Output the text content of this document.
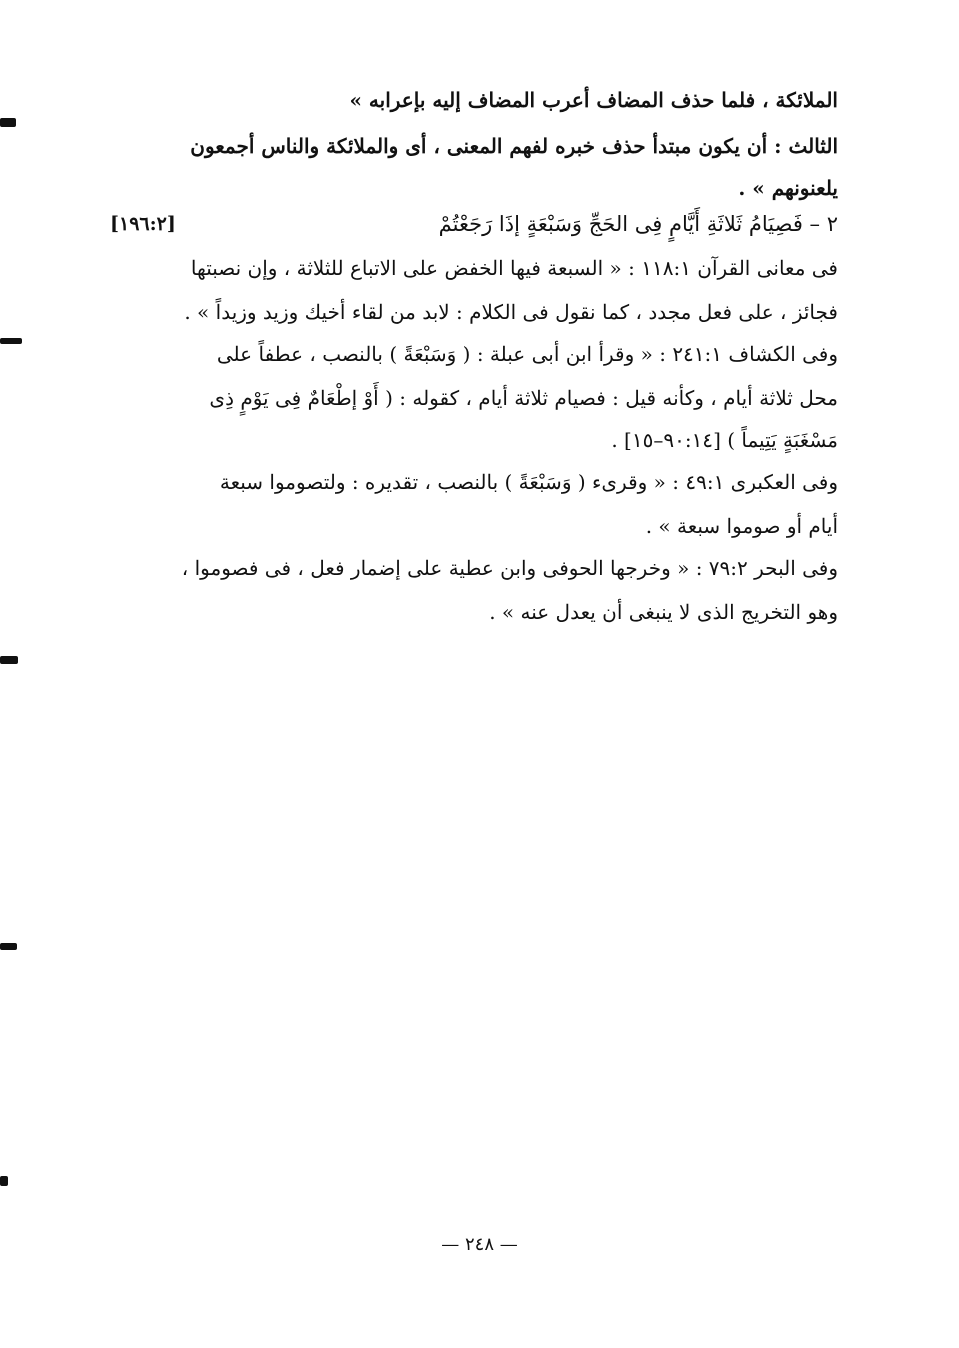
الملائكة ، فلما حذف المضاف أعرب المضاف إليه بإعرابه »
الثالث : أن يكون مبتدأ حذف خبره لفهم المعنى ، أى والملائكة والناس أجمعون
يلعنونهم » .
٢ – فَصِيَامُ ثَلاثَةِ أَيَّامٍ فِى الحَجِّ وَسَبْعَةٍ إذَا رَجَعْتُمْ
[١٩٦:٢]
فى معانى القرآن ١١٨:١ : « السبعة فيها الخفض على الاتباع للثلاثة ، وإن نصبتها
فجائز ، على فعل مجدد ، كما نقول فى الكلام : لابد من لقاء أخيك وزيد وزيداً » .
وفى الكشاف ٢٤١:١ : « وقرأ ابن أبى عبلة : ( وَسَبْعَةً ) بالنصب ، عطفاً على
محل ثلاثة أيام ، وكأنه قيل : فصيام ثلاثة أيام ، كقوله : ( أَوْ إطْعَامٌ فِى يَوْمٍ ذِى
مَسْغَبَةٍ يَتِيماً ) [٩٠:١٤–١٥] .
وفى العكبرى ٤٩:١ : « وقرىء ( وَسَبْعَةً ) بالنصب ، تقديره : ولتصوموا سبعة
أيام أو صوموا سبعة » .
وفى البحر ٧٩:٢ : « وخرجها الحوفى وابن عطية على إضمار فعل ، فى فصوموا ،
وهو التخريج الذى لا ينبغى أن يعدل عنه » .
— ٢٤٨ —
